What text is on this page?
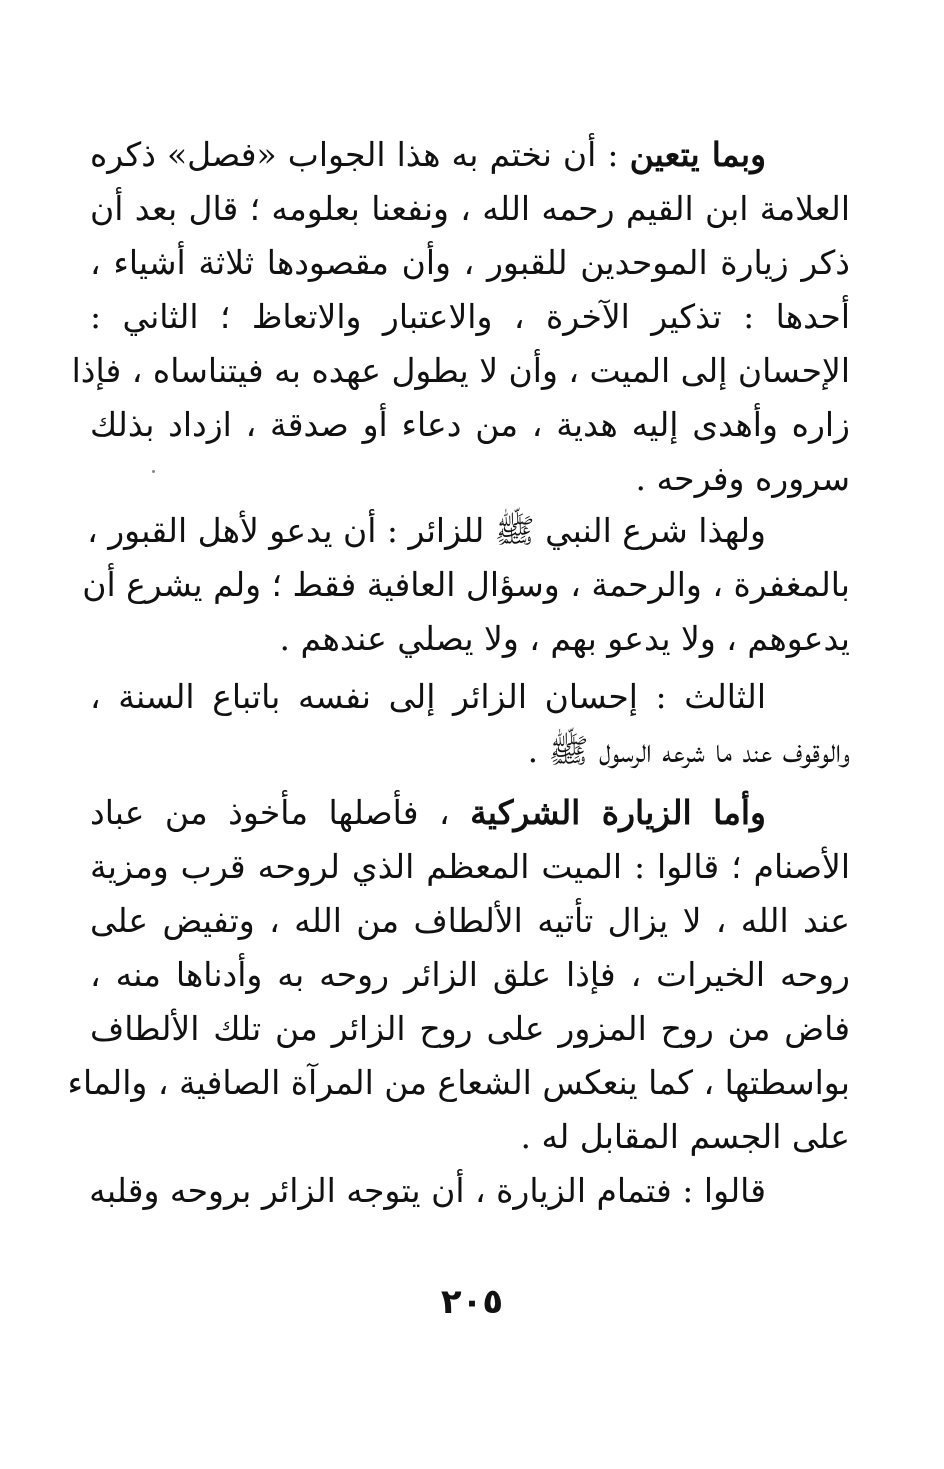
وبما يتعين : أن نختم به هذا الجواب «فصل» ذكره
العلامة ابن القيم رحمه الله ، ونفعنا بعلومه ؛ قال بعد أن
ذكر زيارة الموحدين للقبور ، وأن مقصودها ثلاثة أشياء ،
أحدها : تذكير الآخرة ، والاعتبار والاتعاظ ؛ الثاني :
الإحسان إلى الميت ، وأن لا يطول عهده به فيتناساه ، فإذا
زاره وأهدى إليه هدية ، من دعاء أو صدقة ، ازداد بذلك
سروره وفرحه .
ولهذا شرع النبي ﷺ للزائر : أن يدعو لأهل القبور ،
بالمغفرة ، والرحمة ، وسؤال العافية فقط ؛ ولم يشرع أن
يدعوهم ، ولا يدعو بهم ، ولا يصلي عندهم .
الثالث : إحسان الزائر إلى نفسه باتباع السنة ،
والوقوف عند ما شرعه الرسول ﷺ .
وأما الزيارة الشركية ، فأصلها مأخوذ من عباد
الأصنام ؛ قالوا : الميت المعظم الذي لروحه قرب ومزية
عند الله ، لا يزال تأتيه الألطاف من الله ، وتفيض على
روحه الخيرات ، فإذا علق الزائر روحه به وأدناها منه ،
فاض من روح المزور على روح الزائر من تلك الألطاف
بواسطتها ، كما ينعكس الشعاع من المرآة الصافية ، والماء
على الجسم المقابل له .
قالوا : فتمام الزيارة ، أن يتوجه الزائر بروحه وقلبه
٢٠٥
